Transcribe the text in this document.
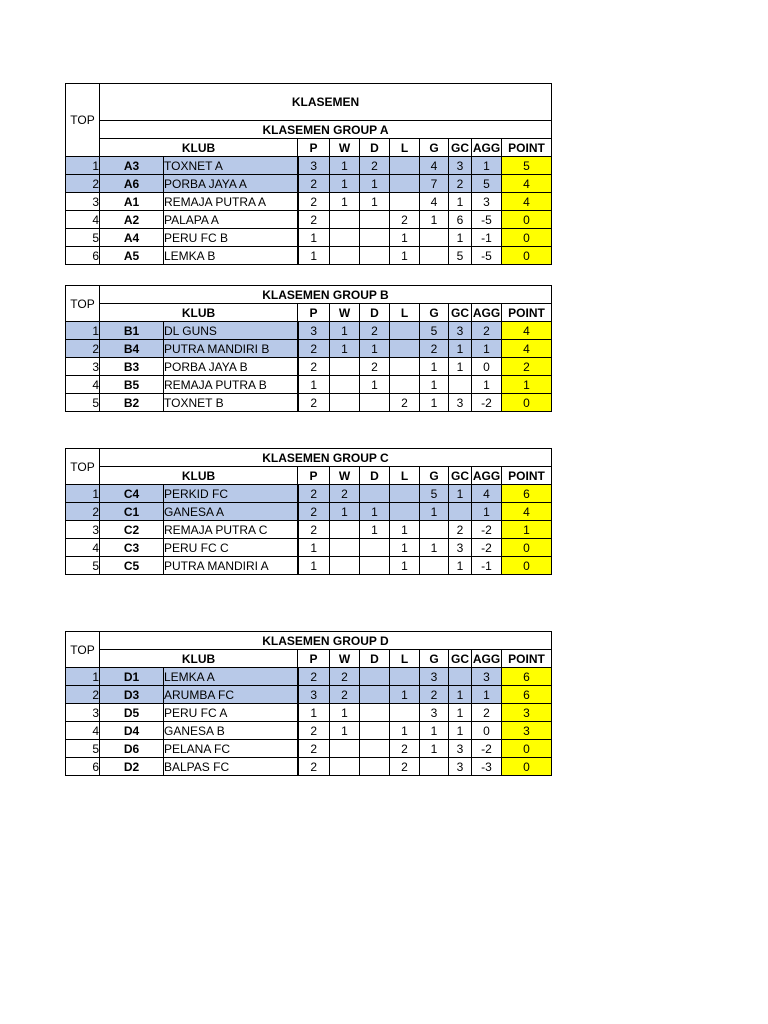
TOP	KLASEMEN									
	KLASEMEN GROUP A									
	KLUB		P	W	D	L	G	GC	AGG	POINT
1	A3	TOXNET A	3	1	2		4	3	1	5
2	A6	PORBA JAYA A	2	1	1		7	2	5	4
3	A1	REMAJA PUTRA A	2	1	1		4	1	3	4
4	A2	PALAPA A	2			2	1	6	-5	0
5	A4	PERU FC B	1			1		1	-1	0
6	A5	LEMKA B	1			1		5	-5	0
TOP	KLASEMEN GROUP B									
	KLUB		P	W	D	L	G	GC	AGG	POINT
1	B1	DL GUNS	3	1	2		5	3	2	4
2	B4	PUTRA MANDIRI B	2	1	1		2	1	1	4
3	B3	PORBA JAYA B	2		2		1	1	0	2
4	B5	REMAJA PUTRA B	1		1		1		1	1
5	B2	TOXNET B	2			2	1	3	-2	0
TOP	KLASEMEN GROUP C									
	KLUB		P	W	D	L	G	GC	AGG	POINT
1	C4	PERKID FC	2	2			5	1	4	6
2	C1	GANESA A	2	1	1		1		1	4
3	C2	REMAJA PUTRA C	2		1	1		2	-2	1
4	C3	PERU FC C	1			1	1	3	-2	0
5	C5	PUTRA MANDIRI A	1			1		1	-1	0
TOP	KLASEMEN GROUP D									
	KLUB		P	W	D	L	G	GC	AGG	POINT
1	D1	LEMKA A	2	2			3		3	6
2	D3	ARUMBA FC	3	2		1	2	1	1	6
3	D5	PERU FC A	1	1			3	1	2	3
4	D4	GANESA B	2	1		1	1	1	0	3
5	D6	PELANA FC	2			2	1	3	-2	0
6	D2	BALPAS FC	2			2		3	-3	0
